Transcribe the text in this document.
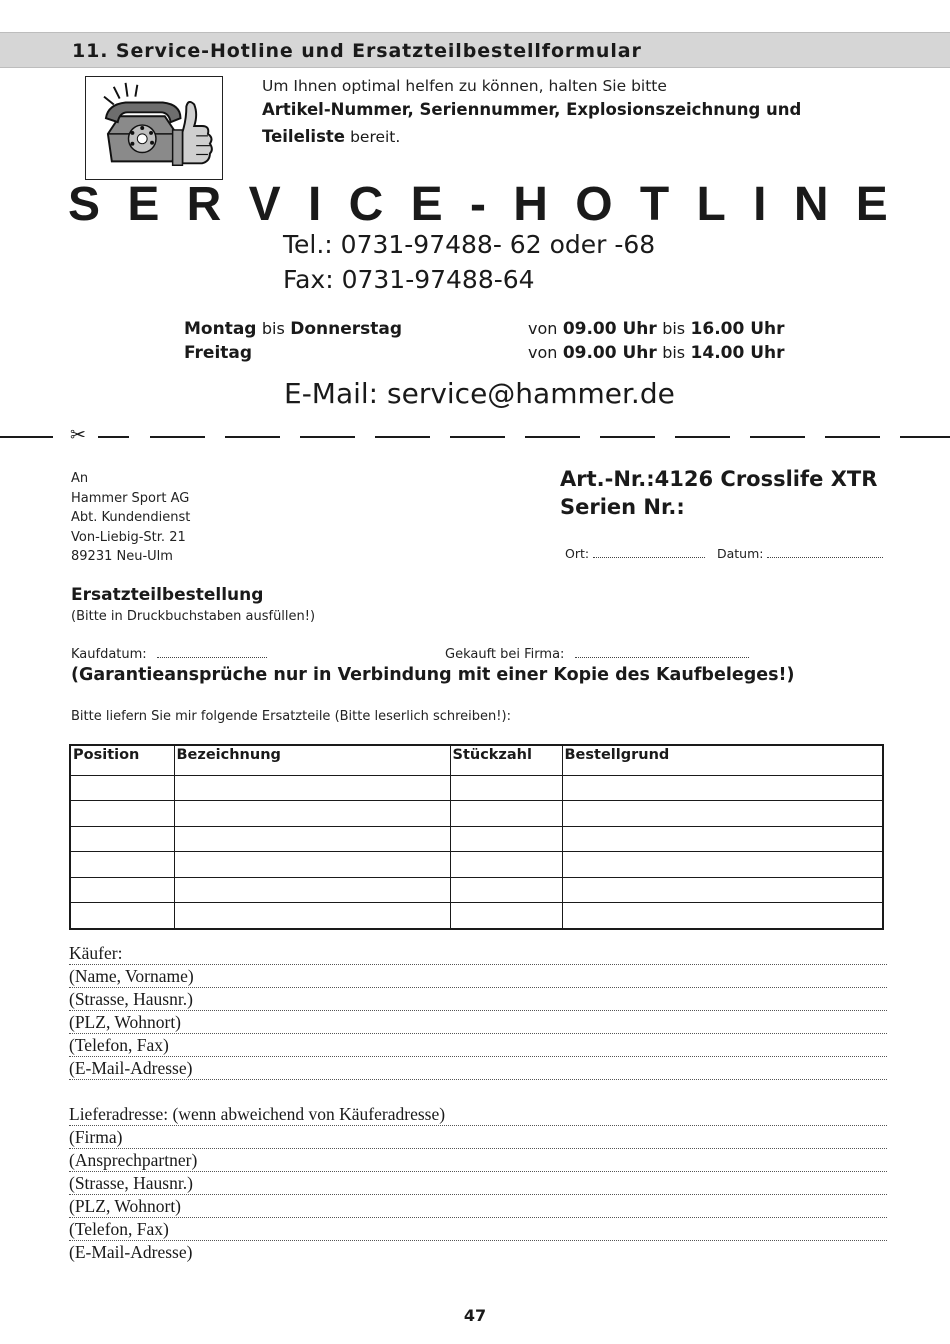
11. Service-Hotline und Ersatzteilbestellformular
Um Ihnen optimal helfen zu können, halten Sie bitte
Artikel-Nummer, Seriennummer, Explosionszeichnung und
Teileliste bereit.
S E R V I C E - H O T L I N E
Tel.: 0731-97488- 62 oder -68
Fax: 0731-97488-64
Montag bis Donnerstag	von 09.00 Uhr bis 16.00 Uhr
Freitag	von 09.00 Uhr bis 14.00 Uhr
E-Mail: service@hammer.de
✂
An
Hammer Sport AG
Abt. Kundendienst
Von-Liebig-Str. 21
89231 Neu-Ulm
Art.-Nr.:4126 Crosslife XTR
Serien Nr.:
Ort:	Datum:
Ersatzteilbestellung
(Bitte in Druckbuchstaben ausfüllen!)
Kaufdatum:	Gekauft bei Firma:
(Garantieansprüche nur in Verbindung mit einer Kopie des Kaufbeleges!)
Bitte liefern Sie mir folgende Ersatzteile (Bitte leserlich schreiben!):
Position	Bezeichnung	Stückzahl	Bestellgrund

Käufer:
(Name, Vorname)
(Strasse, Hausnr.)
(PLZ, Wohnort)
(Telefon, Fax)
(E-Mail-Adresse)
Lieferadresse: (wenn abweichend von Käuferadresse)
(Firma)
(Ansprechpartner)
(Strasse, Hausnr.)
(PLZ, Wohnort)
(Telefon, Fax)
(E-Mail-Adresse)
47
